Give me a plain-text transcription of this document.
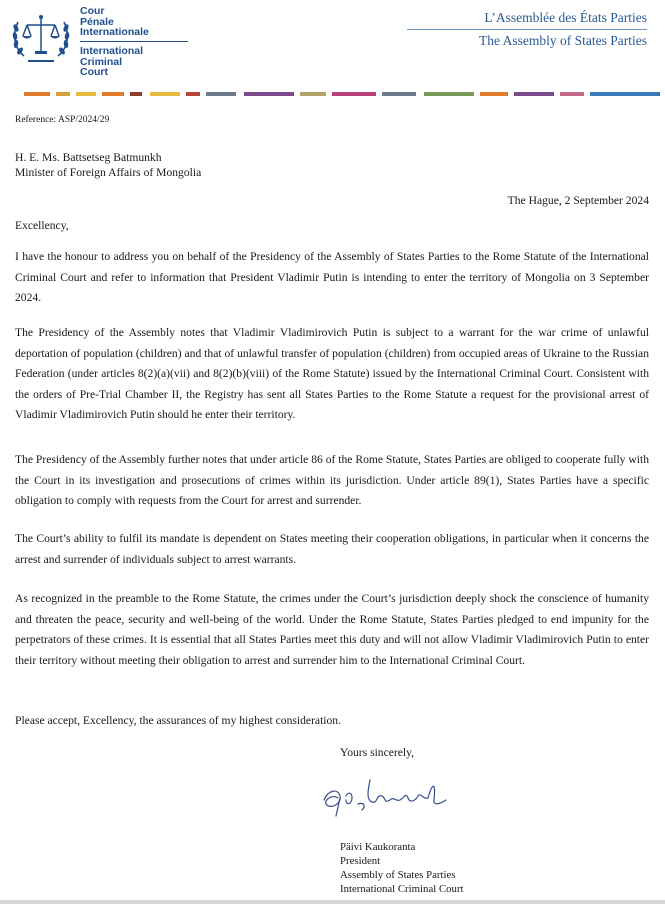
Cour
Pénale
Internationale
International
Criminal
Court
L’Assemblée des États Parties
The Assembly of States Parties
Reference: ASP/2024/29
H. E. Ms. Battsetseg Batmunkh
Minister of Foreign Affairs of Mongolia
The Hague, 2 September 2024
Excellency,

I have the honour to address you on behalf of the Presidency of the Assembly of States Parties to the Rome Statute of the International Criminal Court and refer to information that President Vladimir Putin is intending to enter the territory of Mongolia on 3 September 2024.

The Presidency of the Assembly notes that Vladimir Vladimirovich Putin is subject to a warrant for the war crime of unlawful deportation of population (children) and that of unlawful transfer of population (children) from occupied areas of Ukraine to the Russian Federation (under articles 8(2)(a)(vii) and 8(2)(b)(viii) of the Rome Statute) issued by the International Criminal Court. Consistent with the orders of Pre-Trial Chamber II, the Registry has sent all States Parties to the Rome Statute a request for the provisional arrest of Vladimir Vladimirovich Putin should he enter their territory.

The Presidency of the Assembly further notes that under article 86 of the Rome Statute, States Parties are obliged to cooperate fully with the Court in its investigation and prosecutions of crimes within its jurisdiction. Under article 89(1), States Parties have a specific obligation to comply with requests from the Court for arrest and surrender.

The Court’s ability to fulfil its mandate is dependent on States meeting their cooperation obligations, in particular when it concerns the arrest and surrender of individuals subject to arrest warrants.

As recognized in the preamble to the Rome Statute, the crimes under the Court’s jurisdiction deeply shock the conscience of humanity and threaten the peace, security and well-being of the world. Under the Rome Statute, States Parties pledged to end impunity for the perpetrators of these crimes. It is essential that all States Parties meet this duty and will not allow Vladimir Vladimirovich Putin to enter their territory without meeting their obligation to arrest and surrender him to the International Criminal Court.

Please accept, Excellency, the assurances of my highest consideration.

Yours sincerely,
Päivi Kaukoranta
President
Assembly of States Parties
International Criminal Court
